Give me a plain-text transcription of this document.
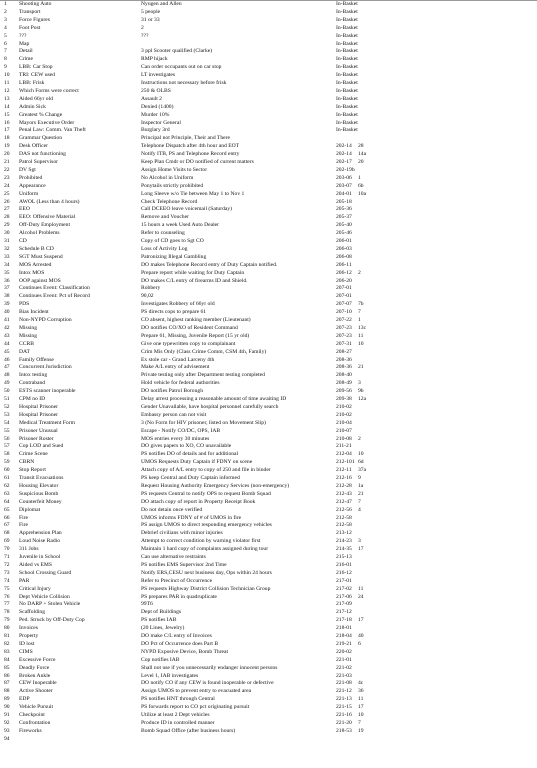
1	Shooting Auto	Nyugen and Allen	In-Basket
2	Transport	5 people	In-Basket
3	Force Figures	31 or 33	In-Basket
4	Foot Post	2	In-Basket
5	???	???	In-Basket
6	Map	In-Basket
7	Detail	3 ppl Scooter qualified (Clarke)	In-Basket
8	Crime	RMP hijack	In-Basket
9	LBB: Car Stop	Can order occupants out on car stop	In-Basket
10	TRI: CEW used	LT investigates	In-Basket
11	LBB: Frisk	Instructions not necessary before frisk	In-Basket
12	Which Forms were correct	250 & OLBS	In-Basket
13	Aided 66yr old	Assault 2	In-Basket
14	Admin Sick	Denied (1400)	In-Basket
15	Greatest % Change	Murder 10%	In-Basket
16	Mayors Executive Order	Inspector General	In-Basket
17	Penal Law: Comm. Van Theft	Burglary 3rd	In-Basket
18	Grammar Question	Principal not Principle, Their and There
19	Desk Officer	Telephone Dispatch after 4th hour and EOT	202-14	28
20	DAS not functioning	Notify ITB, PS and Telephone Record entry	202-14	14a
21	Patrol Supervisor	Keep Plan Cmdr or DO notified of current matters	202-17	20
22	DV Sgt	Assign Home Visits to Sector	202-19b
23	Prohibited	No Alcohol in Uniform	203-06	1
24	Appearance	Ponytails strictly prohibited	203-07	6b
25	Uniform	Long Sleeve w/o Tie between May 1 to Nov 1	204-01	10a
26	AWOL (Less than 4 hours)	Check Telephone Record	205-18
27	EEO	Call DCEEO leave voicemail (Saturday)	205-36
28	EEO: Offensive Material	Remove and Voucher	205-37
29	Off-Duty Employment	15 hours a week Used Auto Dealer	205-40
30	Alcohol Problems	Refer to counseling	205-46
31	CD	Copy of CD goes to Sgt CO	206-01
32	Schedule B CD	Loss of Activity Log	206-03
33	SGT Must Suspend	Patronizing Illegal Gambling	206-08
34	MOS Arrested	DO makes Telephone Record entry of Duty Captain notified.	206-11
35	Intox MOS	Prepare report while waiting for Duty Captain	206-12	2
36	OOP against MOS	DO makes C/L entry of firearms ID and Shield.	206-20
37	Continues Event: Classification	Robbery	207-01
38	Continues Event: Pct of Record	90,02	207-01
39	PDS	Investigates Robbery of 66yr old	207-07	7b
40	Bias Incident	PS directs cops to prepare 61	207-10	7
41	Non-NYPD Corruption	CO absent, highest ranking member (Lieutenant)	207-22	1
42	Missing	DO notifies CO/XO of Resident Command	207-23	13c
43	Missing	Prepare 61, Missing, Juvenile Report (15 yr old)	207-23	11
44	CCRB	Give one typewritten copy to complainant	207-31	10
45	DAT	Crim Mis Only (Class Crime Comm, CSM 4th, Family)	208-27
46	Family Offense	Ex stole car - Grand Larceny 4th	208-36
47	Concurrent Jurisdiction	Make A/L entry of advisement	208-36	21
48	Intox testing	Private testing only after Department testing completed	208-40
49	Contraband	Hold vehicle for federal authorities	208-49	3
50	ESTS scanner inoperable	DO notifies Patrol Borough	209-56	9b
51	CPM no ID	Delay arrest processing a reasonable amount of time awaiting ID	209-38	12a
52	Hospital Prisoner	Gender Unavailable, have hospital personnel carefully search	210-02
53	Hospital Prisoner	Embassy person can not visit	210-02
54	Medical Treatment Form	3 (No Form for HIV prisoner, listed on Movement Slip)	210-04
55	Prisoner Unusual	Escape - Notify CO/DC, OPS, IAB	210-07
56	Prisoner Roster	MOS entries every 30 minutes	210-08	2
57	Cop LOD and Sued	DO gives papers to XO, CO unavailable	211-21
58	Crime Scene	PS notifies DO of details and for additional	212-04	10
59	CBRN	UMOS Requests Duty Captain if FDNY on scene	212-101 6d
60	Stop Report	Attach copy of A/L entry to copy of 250 and file in binder	212-11	37a
61	Transit Evacuations	PS keep Central and Duty Captain informed	212-16	9
62	Housing Elevator	Request Housing Authority Emergency Services (non-emergency)	212-28	1a
63	Suspicious Bomb	PS requests Central to notify OPS to request Bomb Squad	212-43	21
64	Counterfeit Money	DO attach copy of report in Property Receipt Book	212-47	7
65	Diplomat	Do not detain once verified	212-56	4
66	Fire	UMOS informs FDNY of # of UMOS in fire	212-58
67	Fire	PS assign UMOS to direct responding emergency vehicles	212-58
68	Apprehension Plan	Debrief civilians with minor injuries	213-12
69	Loud Noise Radio	Attempt to correct condition by warning violator first	214-23	3
70	311 Jobs	Maintain 1 hard copy of complaints assigned during tour	214-35	17
71	Juvenile in School	Can use alternative restraints	215-13
72	Aided vs EMS	PS notifies EMS Supervisor 2nd Time	216-01
73	School Crossing Guard	Notify ERS,CESU next business day, Ops within 24 hours	216-12
74	PAR	Refer to Precinct of Occurrence	217-01
75	Critical Injury	PS requests Highway District Collision Technician Group	217-02	11
76	Dept Vehicle Collision	PS prepares PAR in quadruplicate	217-06	24
77	No DARP + Stolen Vehicle	99T6	217-09
78	Scaffolding	Dept of Buildings	217-12
79	Ped. Struck by Off-Duty Cop	PS notifies IAB	217-18	17
80	Invoices	(20 Lines, Jewelry)	218-01
81	Property	DO make C/L entry of Invoices	218-04	40
82	ID lost	DO Pct of Occurrence does Part B	219-21	6
83	CIMS	NYPD Exposive Device, Bomb Threat	220-02
84	Excessive Force	Cop notifies IAB	221-01
85	Deadly Force	Shall not use if you unnecessarily endanger innocent persons	221-02
86	Broken Ankle	Level 1, IAB investigates	221-03
87	CEW Inoperable	DO notify CO if any CEW is found inoperable or defective	221-08	4c
88	Active Shooter	Assign UMOS to prevent entry to evacuated area	221-12	36
89	EDP	PS notifies HNT through Central	221-13	11
90	Vehicle Pursuit	PS forwards report to CO pct originating pursuit	221-15	17
91	Checkpoint	Utilize at least 2 Dept vehicles	221-16	10
92	Confrontation	Produce ID in controlled manner	221-20	7
93	Fireworks	Bomb Squad Office (after business hours)	218-53	19
94
